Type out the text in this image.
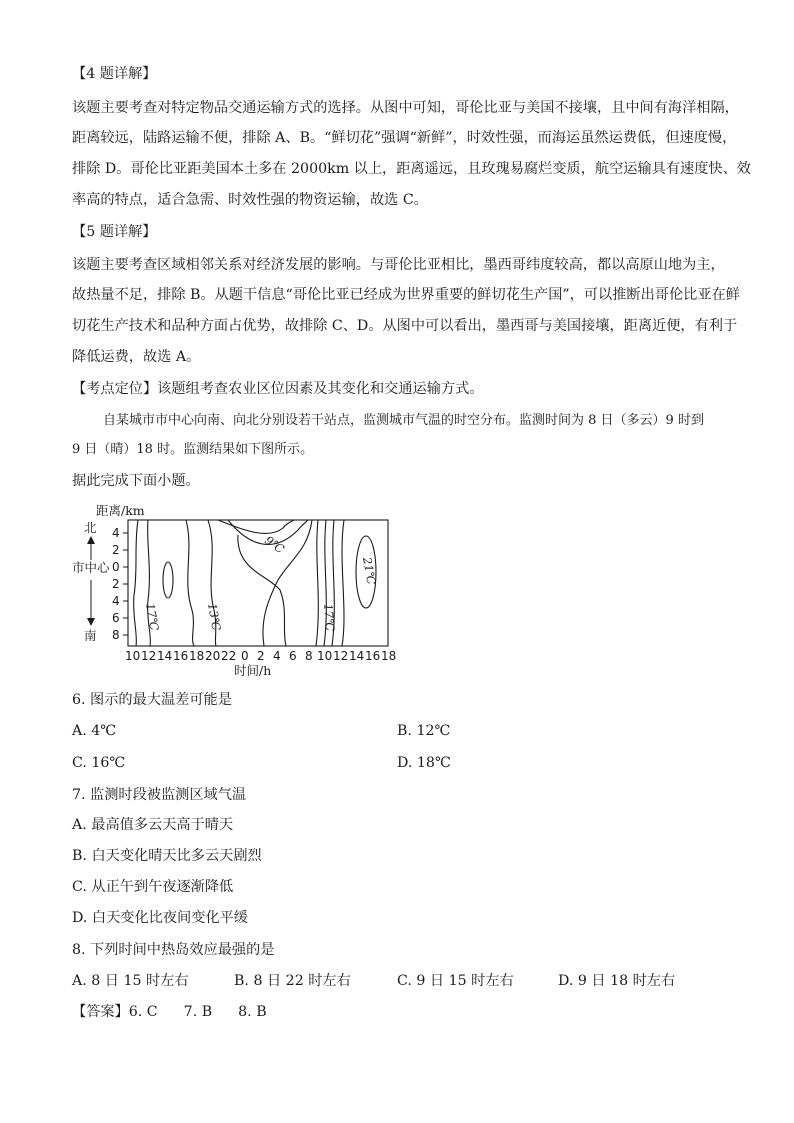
【4 题详解】
该题主要考查对特定物品交通运输方式的选择。从图中可知，哥伦比亚与美国不接壤，且中间有海洋相隔，
距离较远，陆路运输不便，排除 A、B。“鲜切花”强调“新鲜”，时效性强，而海运虽然运费低，但速度慢，
排除 D。哥伦比亚距美国本土多在 2000km 以上，距离遥远，且玫瑰易腐烂变质，航空运输具有速度快、效
率高的特点，适合急需、时效性强的物资运输，故选 C。
【5 题详解】
该题主要考查区域相邻关系对经济发展的影响。与哥伦比亚相比，墨西哥纬度较高，都以高原山地为主，
故热量不足，排除 B。从题干信息“哥伦比亚已经成为世界重要的鲜切花生产国”，可以推断出哥伦比亚在鲜
切花生产技术和品种方面占优势，故排除 C、D。从图中可以看出，墨西哥与美国接壤，距离近便，有利于
降低运费，故选 A。
【考点定位】该题组考查农业区位因素及其变化和交通运输方式。
自某城市市中心向南、向北分别设若干站点，监测城市气温的时空分布。监测时间为 8 日（多云）9 时到
9 日（晴）18 时。监测结果如下图所示。
据此完成下面小题。
距离/km
北
市中心
南
4
2
0
2
4
6
8
10 12 14 16 18 20 22 0 2 4 6 8 10 12 14 16 18
时间/h
9℃
13℃
17℃	17℃
21℃
6. 图示的最大温差可能是
A. 4℃	B. 12℃
C. 16℃	D. 18℃
7. 监测时段被监测区域气温
A. 最高值多云天高于晴天
B. 白天变化晴天比多云天剧烈
C. 从正午到午夜逐渐降低
D. 白天变化比夜间变化平缓
8. 下列时间中热岛效应最强的是
A. 8 日 15 时左右	B. 8 日 22 时左右	C. 9 日 15 时左右	D. 9 日 18 时左右
【答案】6. C 7. B 8. B
